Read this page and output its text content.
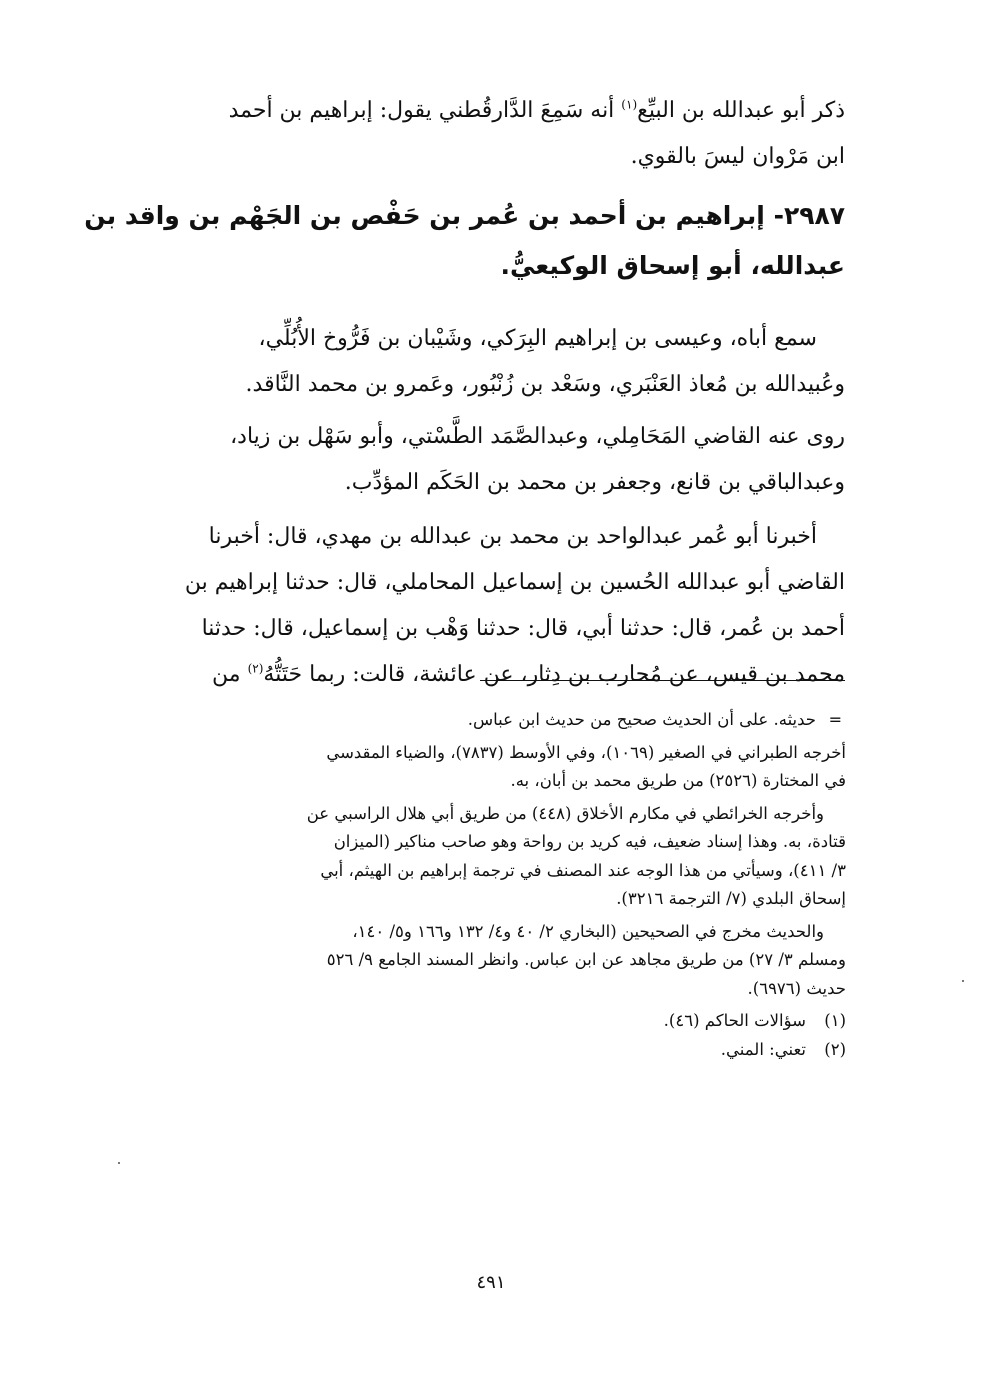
ذكر أبو عبدالله بن البيِّع$^{(١)}$ أنه سَمِعَ الدَّارقُطني يقول: إبراهيم بن أحمد
ابن مَرْوان ليسَ بالقوي.
٢٩٨٧- إبراهيم بن أحمد بن عُمر بن حَفْص بن الجَهْم بن واقد بن
عبدالله، أبو إسحاق الوكيعيُّ.
سمع أباه، وعيسى بن إبراهيم البِرَكي، وشَيْبان بن فَرُّوخ الأُبُلِّي،
وعُبيدالله بن مُعاذ العَنْبَري، وسَعْد بن زُنْبُور، وعَمرو بن محمد النَّاقد.
روى عنه القاضي المَحَامِلي، وعبدالصَّمَد الطَّسْتي، وأبو سَهْل بن زياد،
وعبدالباقي بن قانع، وجعفر بن محمد بن الحَكَم المؤدِّب.
أخبرنا أبو عُمر عبدالواحد بن محمد بن عبدالله بن مهدي، قال: أخبرنا
القاضي أبو عبدالله الحُسين بن إسماعيل المحاملي، قال: حدثنا إبراهيم بن
أحمد بن عُمر، قال: حدثنا أبي، قال: حدثنا وَهْب بن إسماعيل، قال: حدثنا
محمد بن قيس، عن مُحارب بن دِثار، عن عائشة، قالت: ربما حَتَتُّهُ$^{(٢)}$ من
=
حديثه. على أن الحديث صحيح من حديث ابن عباس.
أخرجه الطبراني في الصغير (١٠٦٩)، وفي الأوسط (٧٨٣٧)، والضياء المقدسي
في المختارة (٢٥٢٦) من طريق محمد بن أبان، به.
وأخرجه الخرائطي في مكارم الأخلاق (٤٤٨) من طريق أبي هلال الراسبي عن
قتادة، به. وهذا إسناد ضعيف، فيه كريد بن رواحة وهو صاحب مناكير (الميزان
٣/ ٤١١)، وسيأتي من هذا الوجه عند المصنف في ترجمة إبراهيم بن الهيثم، أبي
إسحاق البلدي (٧/ الترجمة ٣٢١٦).
والحديث مخرج في الصحيحين (البخاري ٢/ ٤٠ و٤/ ١٣٢ و١٦٦ و٥/ ١٤٠،
ومسلم ٣/ ٢٧) من طريق مجاهد عن ابن عباس. وانظر المسند الجامع ٩/ ٥٢٦
حديث (٦٩٧٦).
(١)
سؤالات الحاكم (٤٦).
(٢)
تعني: المني.
٤٩١
